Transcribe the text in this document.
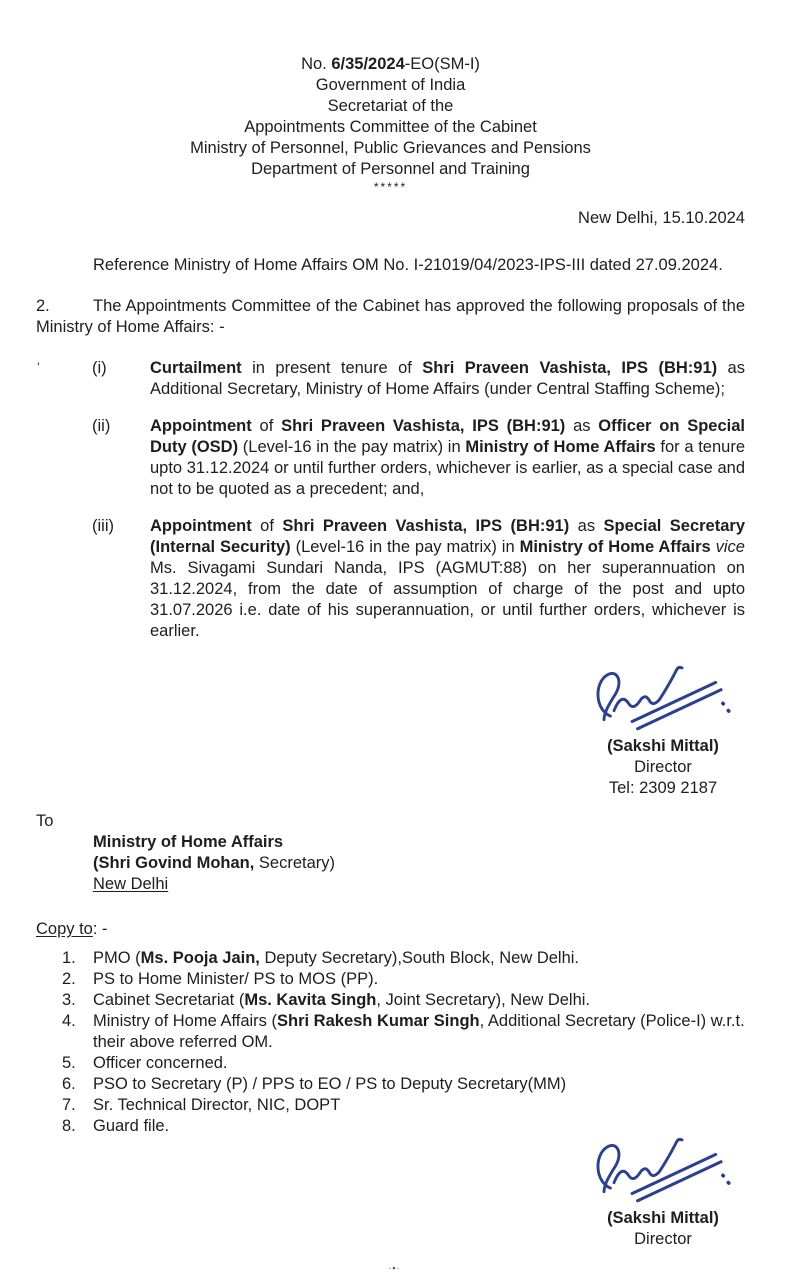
No. 6/35/2024-EO(SM-I)
Government of India
Secretariat of the
Appointments Committee of the Cabinet
Ministry of Personnel, Public Grievances and Pensions
Department of Personnel and Training
*****
New Delhi, 15.10.2024
Reference Ministry of Home Affairs OM No. I-21019/04/2023-IPS-III dated 27.09.2024.
2.	The Appointments Committee of the Cabinet has approved the following proposals of the Ministry of Home Affairs: -
‘	(i)	Curtailment in present tenure of Shri Praveen Vashista, IPS (BH:91) as Additional Secretary, Ministry of Home Affairs (under Central Staffing Scheme);
(ii)	Appointment of Shri Praveen Vashista, IPS (BH:91) as Officer on Special Duty (OSD) (Level-16 in the pay matrix) in Ministry of Home Affairs for a tenure upto 31.12.2024 or until further orders, whichever is earlier, as a special case and not to be quoted as a precedent; and,
(iii)	Appointment of Shri Praveen Vashista, IPS (BH:91) as Special Secretary (Internal Security) (Level-16 in the pay matrix) in Ministry of Home Affairs vice Ms. Sivagami Sundari Nanda, IPS (AGMUT:88) on her superannuation on 31.12.2024, from the date of assumption of charge of the post and upto 31.07.2026 i.e. date of his superannuation, or until further orders, whichever is earlier.
(Sakshi Mittal)
Director
Tel: 2309 2187
To
Ministry of Home Affairs
(Shri Govind Mohan, Secretary)
New Delhi
Copy to: -
1.	PMO (Ms. Pooja Jain, Deputy Secretary),South Block, New Delhi.
2.	PS to Home Minister/ PS to MOS (PP).
3.	Cabinet Secretariat (Ms. Kavita Singh, Joint Secretary), New Delhi.
4.	Ministry of Home Affairs (Shri Rakesh Kumar Singh, Additional Secretary (Police-I) w.r.t. their above referred OM.
5.	Officer concerned.
6.	PSO to Secretary (P) / PPS to EO / PS to Deputy Secretary(MM)
7.	Sr. Technical Director, NIC, DOPT
8.	Guard file.
(Sakshi Mittal)
Director
·▪·
